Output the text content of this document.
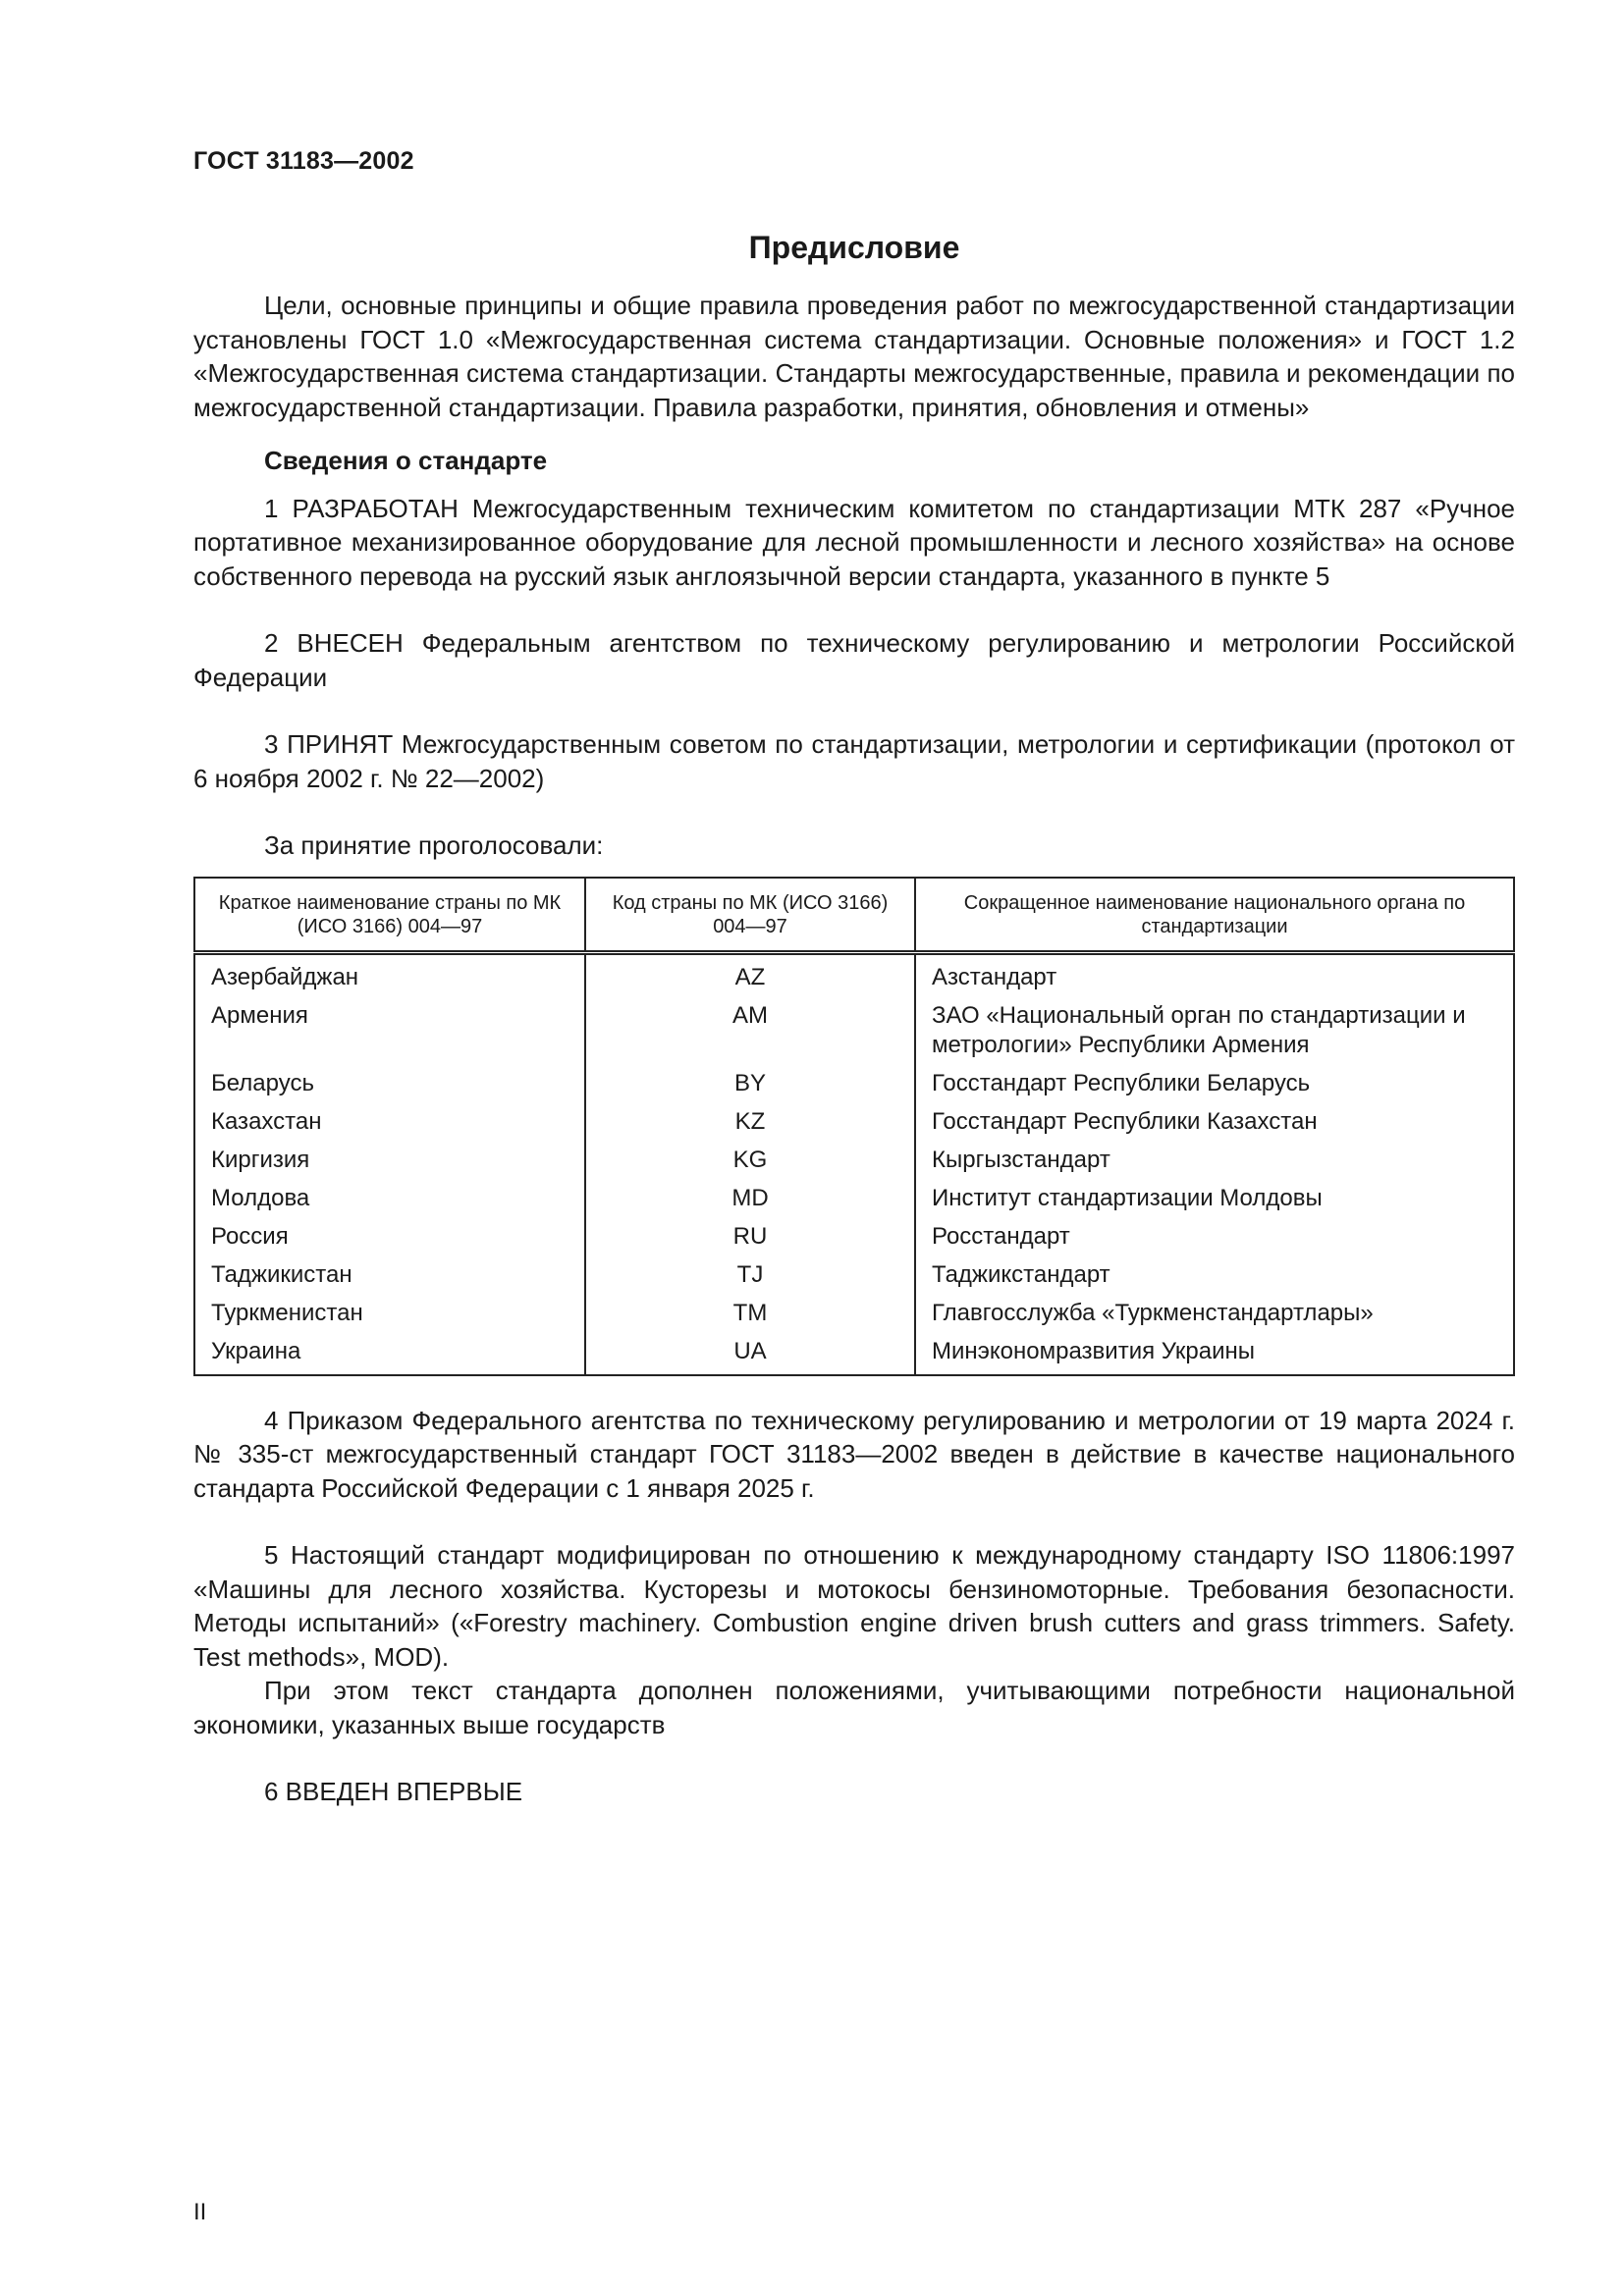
ГОСТ 31183—2002
Предисловие

Цели, основные принципы и общие правила проведения работ по межгосударственной стандартизации установлены ГОСТ 1.0 «Межгосударственная система стандартизации. Основные положения» и ГОСТ 1.2 «Межгосударственная система стандартизации. Стандарты межгосударственные, правила и рекомендации по межгосударственной стандартизации. Правила разработки, принятия, обновления и отмены»

Сведения о стандарте

1 РАЗРАБОТАН Межгосударственным техническим комитетом по стандартизации МТК 287 «Ручное портативное механизированное оборудование для лесной промышленности и лесного хозяйства» на основе собственного перевода на русский язык англоязычной версии стандарта, указанного в пункте 5

2 ВНЕСЕН Федеральным агентством по техническому регулированию и метрологии Российской Федерации

3 ПРИНЯТ Межгосударственным советом по стандартизации, метрологии и сертификации (протокол от 6 ноября 2002 г. № 22—2002)

За принятие проголосовали:

Краткое наименование страны по МК (ИСО 3166) 004—97	Код страны по МК (ИСО 3166) 004—97	Сокращенное наименование национального органа по стандартизации
Азербайджан	AZ	Азстандарт
Армения	AM	ЗАО «Национальный орган по стандартизации и метрологии» Республики Армения
Беларусь	BY	Госстандарт Республики Беларусь
Казахстан	KZ	Госстандарт Республики Казахстан
Киргизия	KG	Кыргызстандарт
Молдова	MD	Институт стандартизации Молдовы
Россия	RU	Росстандарт
Таджикистан	TJ	Таджикстандарт
Туркменистан	TM	Главгосслужба «Туркменстандартлары»
Украина	UA	Минэкономразвития Украины

4 Приказом Федерального агентства по техническому регулированию и метрологии от 19 марта 2024 г. № 335-ст межгосударственный стандарт ГОСТ 31183—2002 введен в действие в качестве национального стандарта Российской Федерации с 1 января 2025 г.

5 Настоящий стандарт модифицирован по отношению к международному стандарту ISO 11806:1997 «Машины для лесного хозяйства. Кусторезы и мотокосы бензиномоторные. Требования безопасности. Методы испытаний» («Forestry machinery. Combustion engine driven brush cutters and grass trimmers. Safety. Test methods», MOD).

При этом текст стандарта дополнен положениями, учитывающими потребности национальной экономики, указанных выше государств

6 ВВЕДЕН ВПЕРВЫЕ

II
